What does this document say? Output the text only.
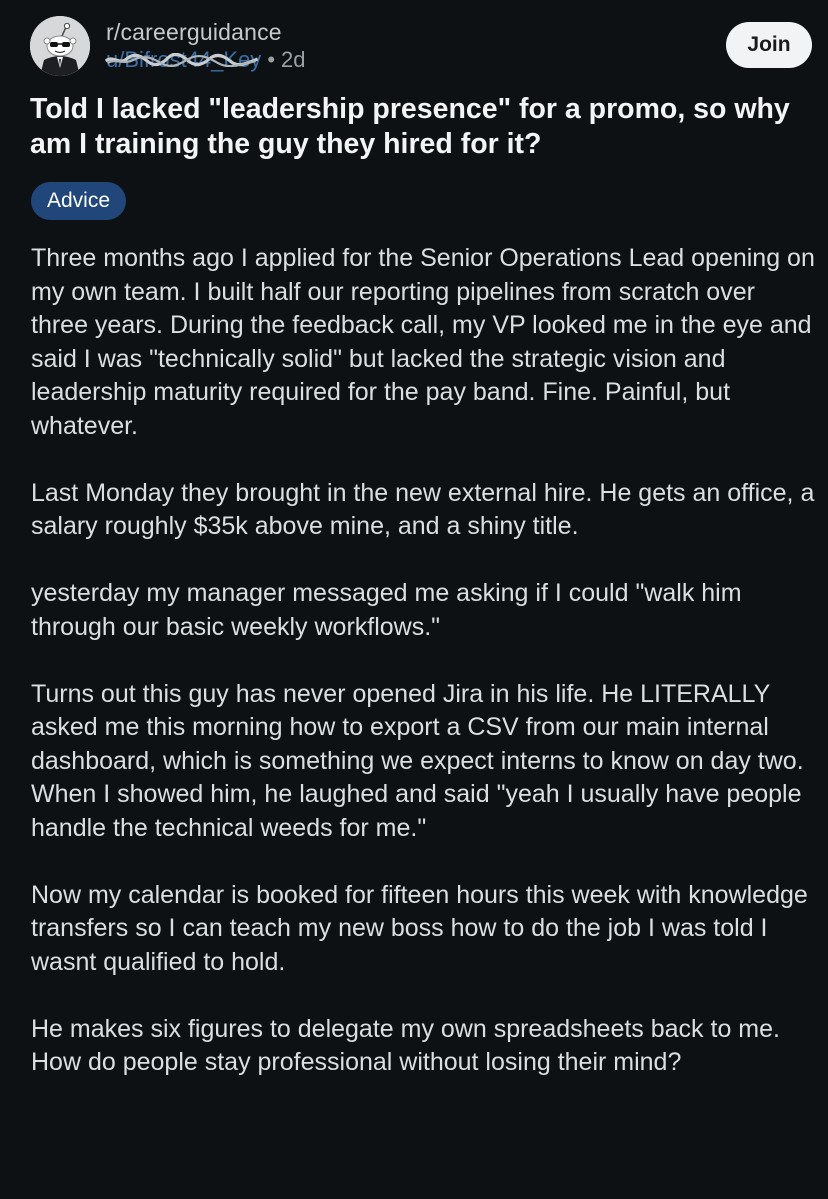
r/careerguidance
u/Bifrost44_Key • 2d
Join
Told I lacked "leadership presence" for a promo, so why am I training the guy they hired for it?
Advice

Three months ago I applied for the Senior Operations Lead opening on my own team. I built half our reporting pipelines from scratch over three years. During the feedback call, my VP looked me in the eye and said I was "technically solid" but lacked the strategic vision and leadership maturity required for the pay band. Fine. Painful, but whatever.

Last Monday they brought in the new external hire. He gets an office, a salary roughly $35k above mine, and a shiny title.

yesterday my manager messaged me asking if I could "walk him through our basic weekly workflows."

Turns out this guy has never opened Jira in his life. He LITERALLY asked me this morning how to export a CSV from our main internal dashboard, which is something we expect interns to know on day two. When I showed him, he laughed and said "yeah I usually have people handle the technical weeds for me."

Now my calendar is booked for fifteen hours this week with knowledge transfers so I can teach my new boss how to do the job I was told I wasnt qualified to hold.

He makes six figures to delegate my own spreadsheets back to me. How do people stay professional without losing their mind?
